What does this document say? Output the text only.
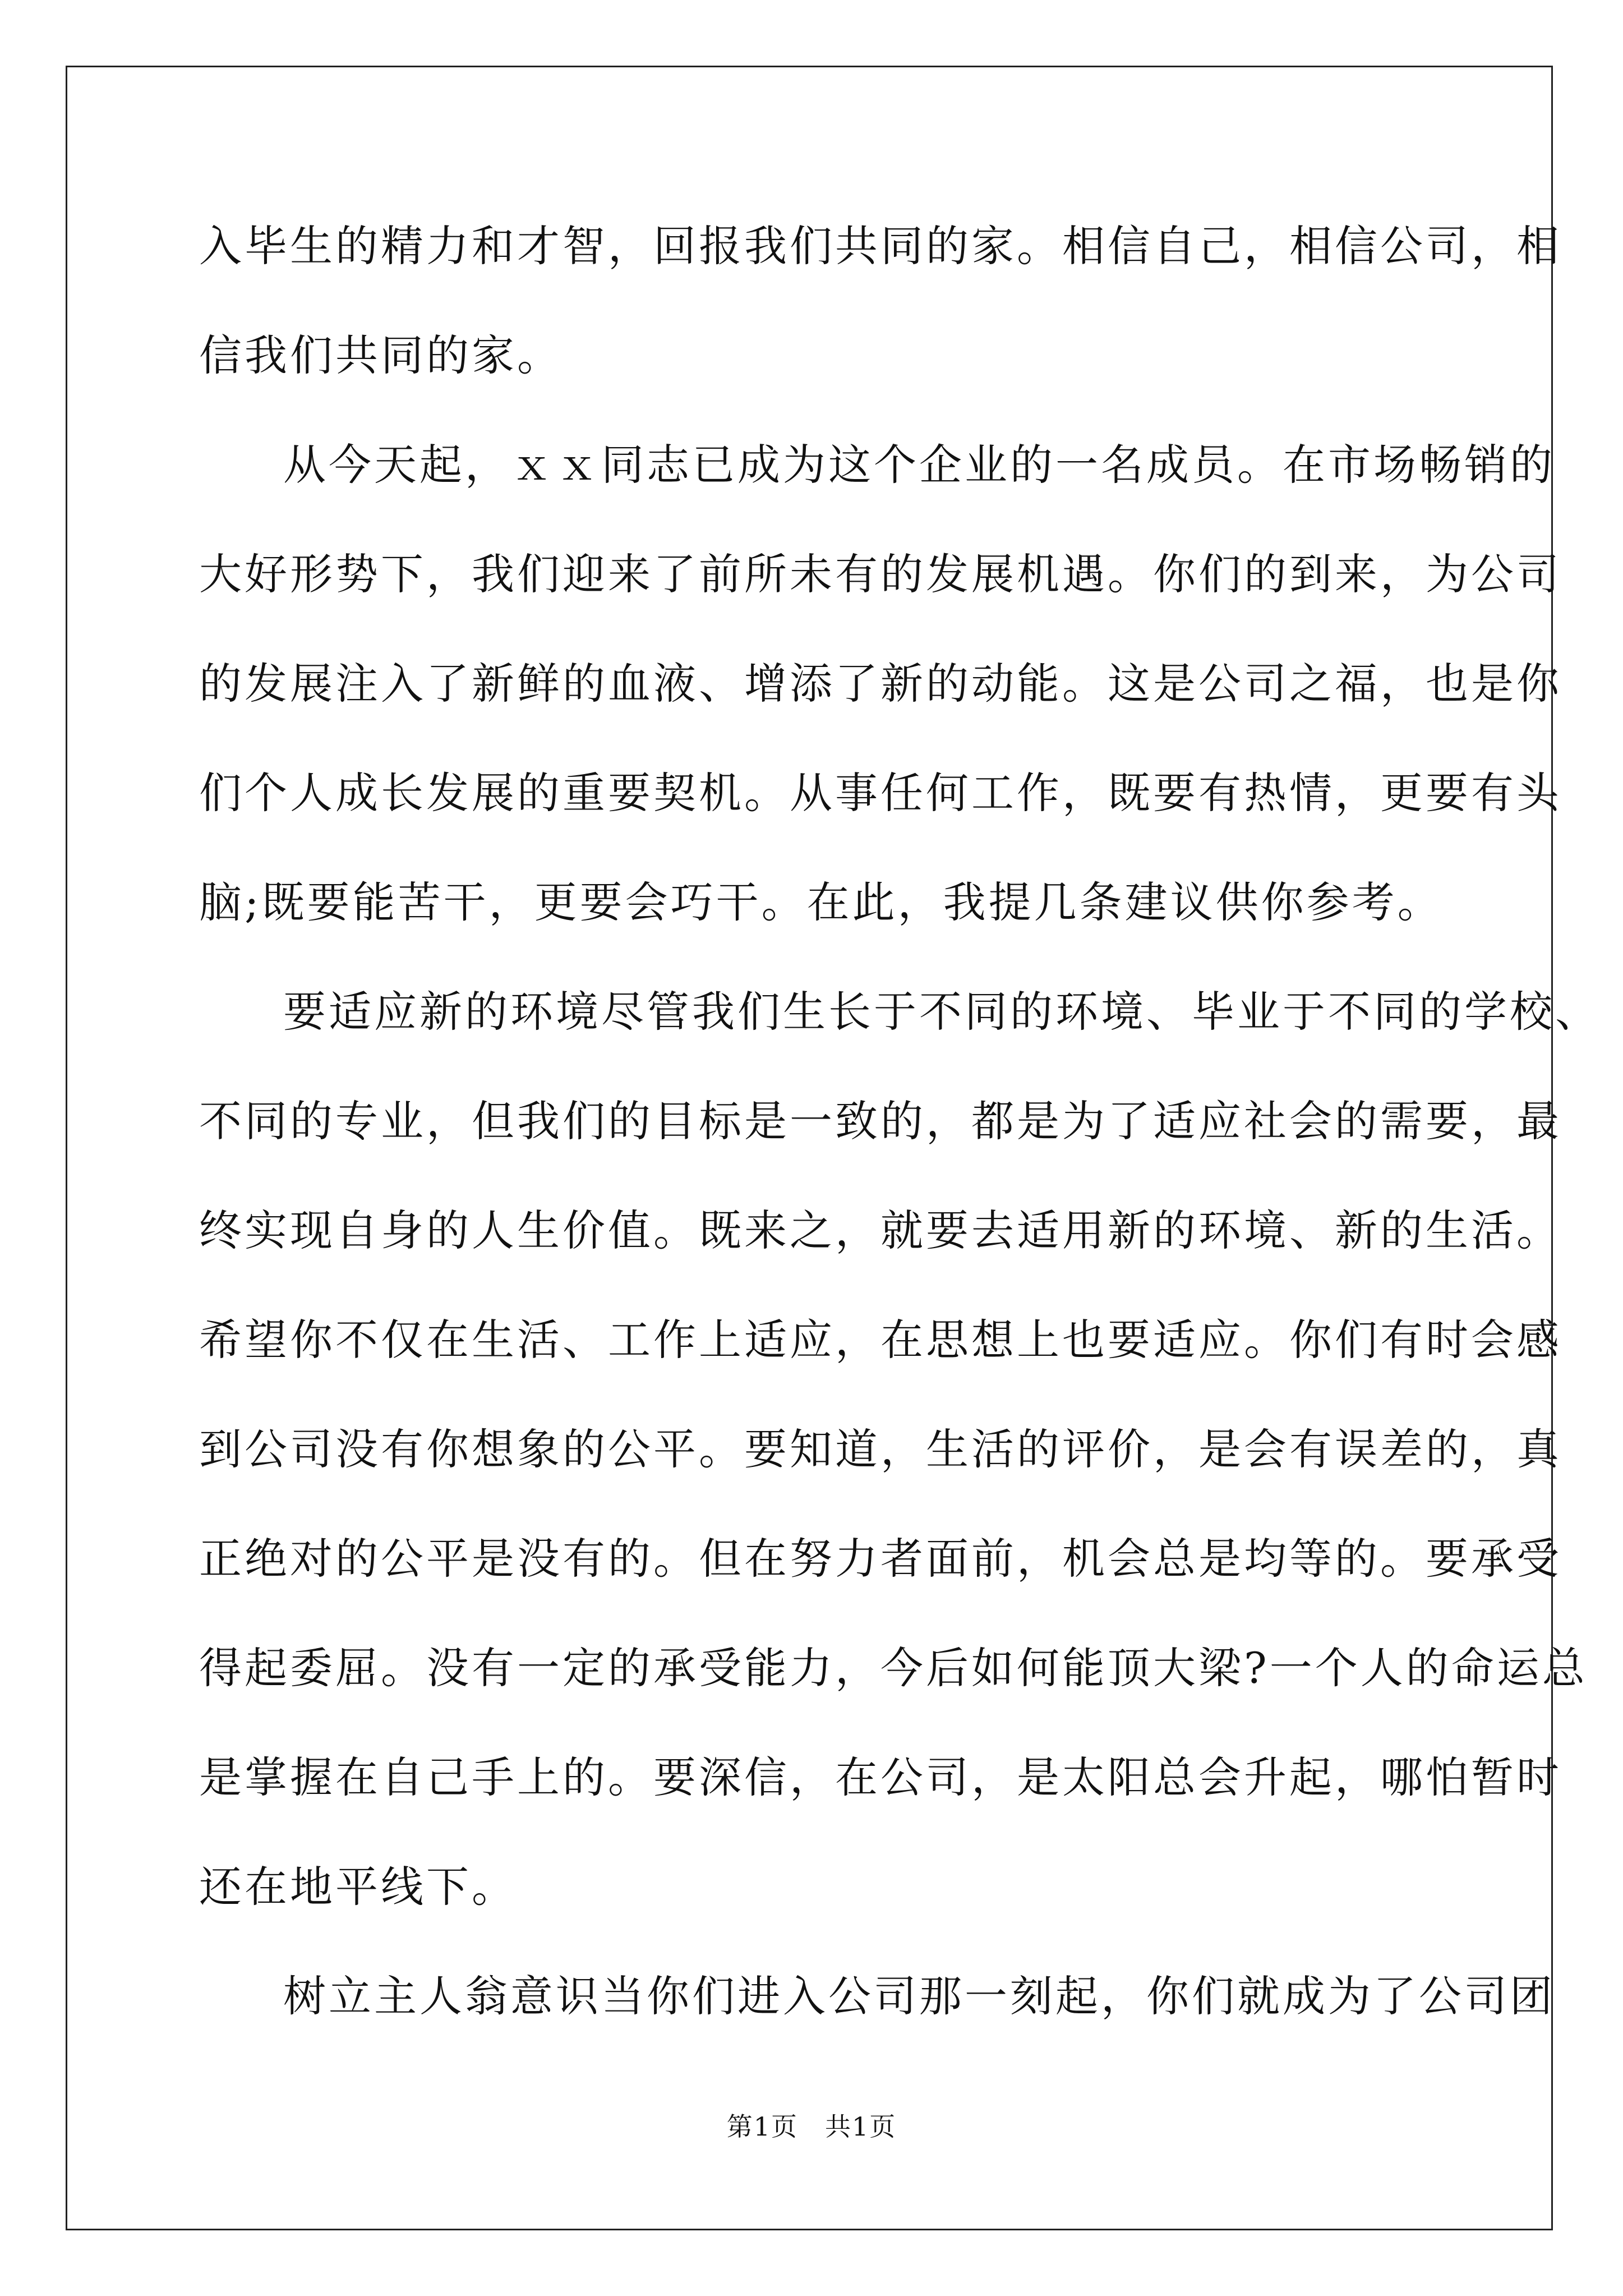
入毕生的精力和才智，回报我们共同的家。相信自己，相信公司，相
信我们共同的家。
从今天起，ｘｘ同志已成为这个企业的一名成员。在市场畅销的
大好形势下，我们迎来了前所未有的发展机遇。你们的到来，为公司
的发展注入了新鲜的血液、增添了新的动能。这是公司之福，也是你
们个人成长发展的重要契机。从事任何工作，既要有热情，更要有头
脑;既要能苦干，更要会巧干。在此，我提几条建议供你参考。
要适应新的环境尽管我们生长于不同的环境、毕业于不同的学校、
不同的专业，但我们的目标是一致的，都是为了适应社会的需要，最
终实现自身的人生价值。既来之，就要去适用新的环境、新的生活。
希望你不仅在生活、工作上适应，在思想上也要适应。你们有时会感
到公司没有你想象的公平。要知道，生活的评价，是会有误差的，真
正绝对的公平是没有的。但在努力者面前，机会总是均等的。要承受
得起委屈。没有一定的承受能力，今后如何能顶大梁?一个人的命运总
是掌握在自己手上的。要深信，在公司，是太阳总会升起，哪怕暂时
还在地平线下。
树立主人翁意识当你们进入公司那一刻起，你们就成为了公司团
第1页　共1页
